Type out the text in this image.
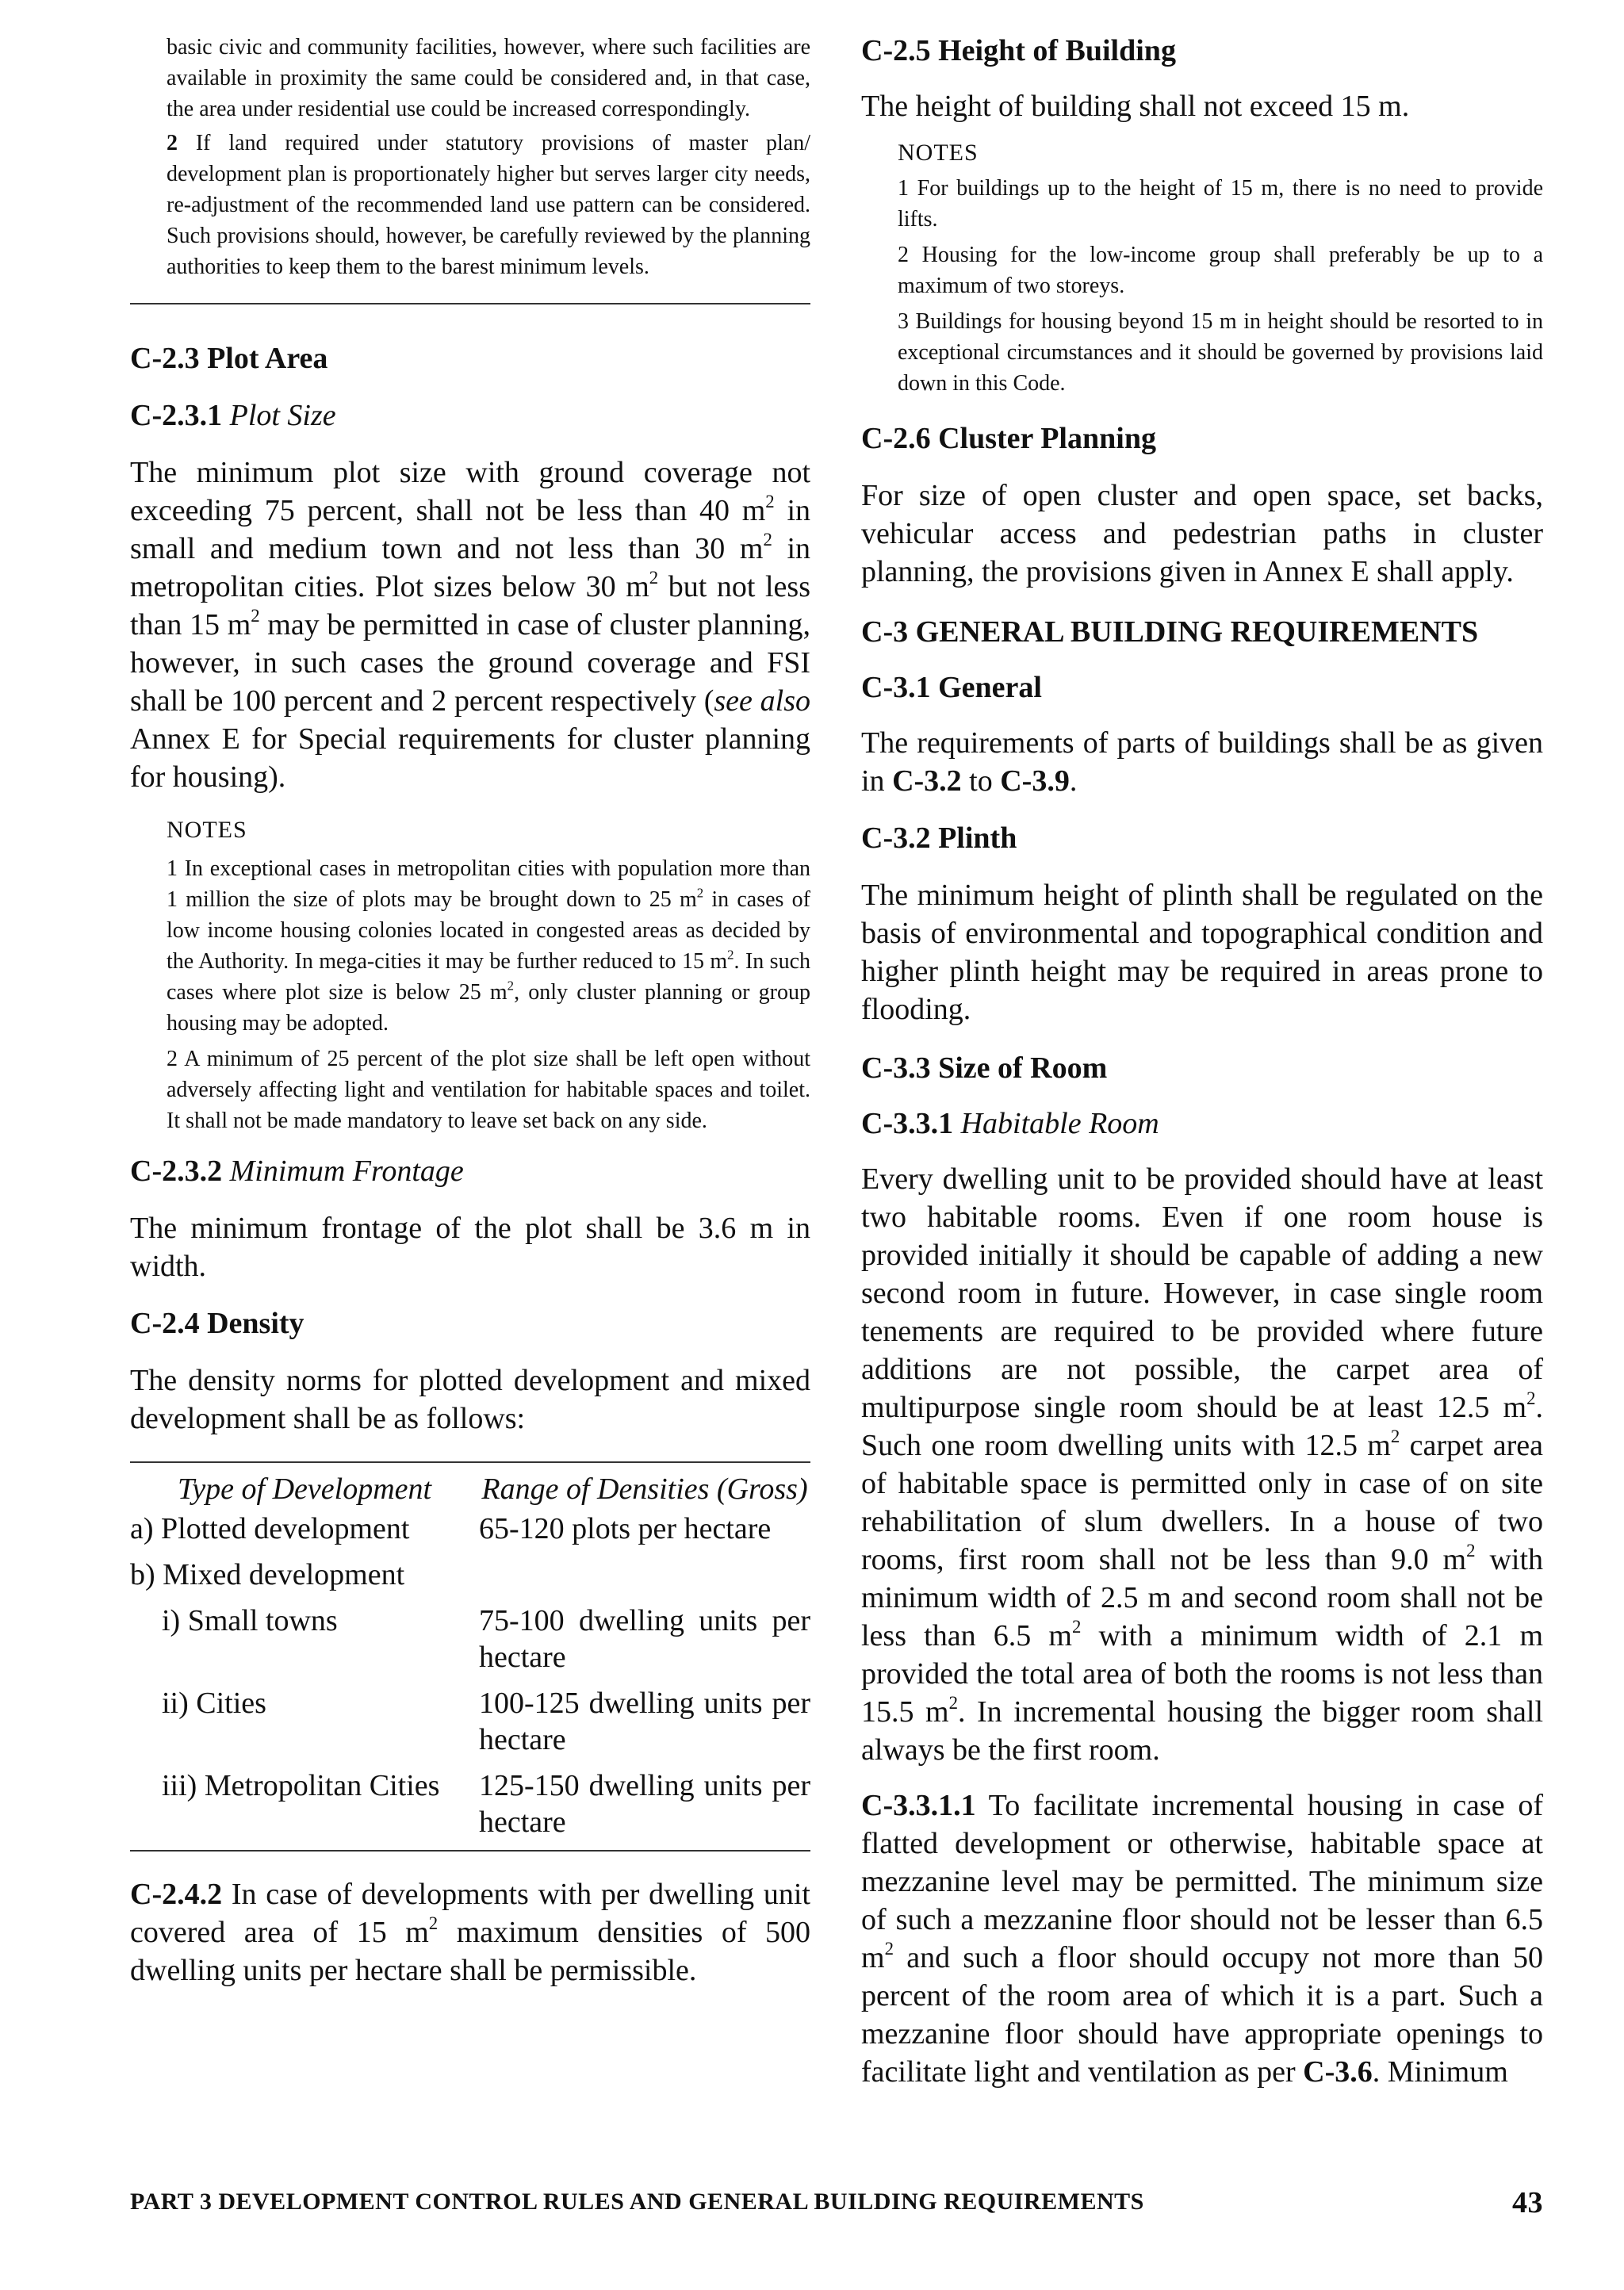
basic civic and community facilities, however, where such facilities are available in proximity the same could be considered and, in that case, the area under residential use could be increased correspondingly.

2 If land required under statutory provisions of master plan/ development plan is proportionately higher but serves larger city needs, re-adjustment of the recommended land use pattern can be considered. Such provisions should, however, be carefully reviewed by the planning authorities to keep them to the barest minimum levels.

C-2.3 Plot Area

C-2.3.1 Plot Size

The minimum plot size with ground coverage not exceeding 75 percent, shall not be less than 40 $m^2$ in small and medium town and not less than 30 $m^2$ in metropolitan cities. Plot sizes below 30 $m^2$ but not less than 15 $m^2$ may be permitted in case of cluster planning, however, in such cases the ground coverage and FSI shall be 100 percent and 2 percent respectively (see also Annex E for Special requirements for cluster planning for housing).

NOTES

1 In exceptional cases in metropolitan cities with population more than 1 million the size of plots may be brought down to 25 $m^2$ in cases of low income housing colonies located in congested areas as decided by the Authority. In mega-cities it may be further reduced to 15 $m^2$. In such cases where plot size is below 25 $m^2$, only cluster planning or group housing may be adopted.

2 A minimum of 25 percent of the plot size shall be left open without adversely affecting light and ventilation for habitable spaces and toilet. It shall not be made mandatory to leave set back on any side.

C-2.3.2 Minimum Frontage

The minimum frontage of the plot shall be 3.6 m in width.

C-2.4 Density

The density norms for plotted development and mixed development shall be as follows:

Type of Development	Range of Densities (Gross)
a) Plotted development	65-120 plots per hectare
b) Mixed development	
i) Small towns	75-100 dwelling units per hectare
ii) Cities	100-125 dwelling units per hectare
iii) Metropolitan Cities	125-150 dwelling units per hectare

C-2.4.2 In case of developments with per dwelling unit covered area of 15 $m^2$ maximum densities of 500 dwelling units per hectare shall be permissible.

C-2.5 Height of Building

The height of building shall not exceed 15 m.

NOTES

1 For buildings up to the height of 15 m, there is no need to provide lifts.

2 Housing for the low-income group shall preferably be up to a maximum of two storeys.

3 Buildings for housing beyond 15 m in height should be resorted to in exceptional circumstances and it should be governed by provisions laid down in this Code.

C-2.6 Cluster Planning

For size of open cluster and open space, set backs, vehicular access and pedestrian paths in cluster planning, the provisions given in Annex E shall apply.

C-3 GENERAL BUILDING REQUIREMENTS

C-3.1 General

The requirements of parts of buildings shall be as given in C-3.2 to C-3.9.

C-3.2 Plinth

The minimum height of plinth shall be regulated on the basis of environmental and topographical condition and higher plinth height may be required in areas prone to flooding.

C-3.3 Size of Room

C-3.3.1 Habitable Room

Every dwelling unit to be provided should have at least two habitable rooms. Even if one room house is provided initially it should be capable of adding a new second room in future. However, in case single room tenements are required to be provided where future additions are not possible, the carpet area of multipurpose single room should be at least 12.5 $m^2$. Such one room dwelling units with 12.5 $m^2$ carpet area of habitable space is permitted only in case of on site rehabilitation of slum dwellers. In a house of two rooms, first room shall not be less than 9.0 $m^2$ with minimum width of 2.5 m and second room shall not be less than 6.5 $m^2$ with a minimum width of 2.1 m provided the total area of both the rooms is not less than 15.5 $m^2$. In incremental housing the bigger room shall always be the first room.

C-3.3.1.1 To facilitate incremental housing in case of flatted development or otherwise, habitable space at mezzanine level may be permitted. The minimum size of such a mezzanine floor should not be lesser than 6.5 $m^2$ and such a floor should occupy not more than 50 percent of the room area of which it is a part. Such a mezzanine floor should have appropriate openings to facilitate light and ventilation as per C-3.6. Minimum

PART 3 DEVELOPMENT CONTROL RULES AND GENERAL BUILDING REQUIREMENTS	43
